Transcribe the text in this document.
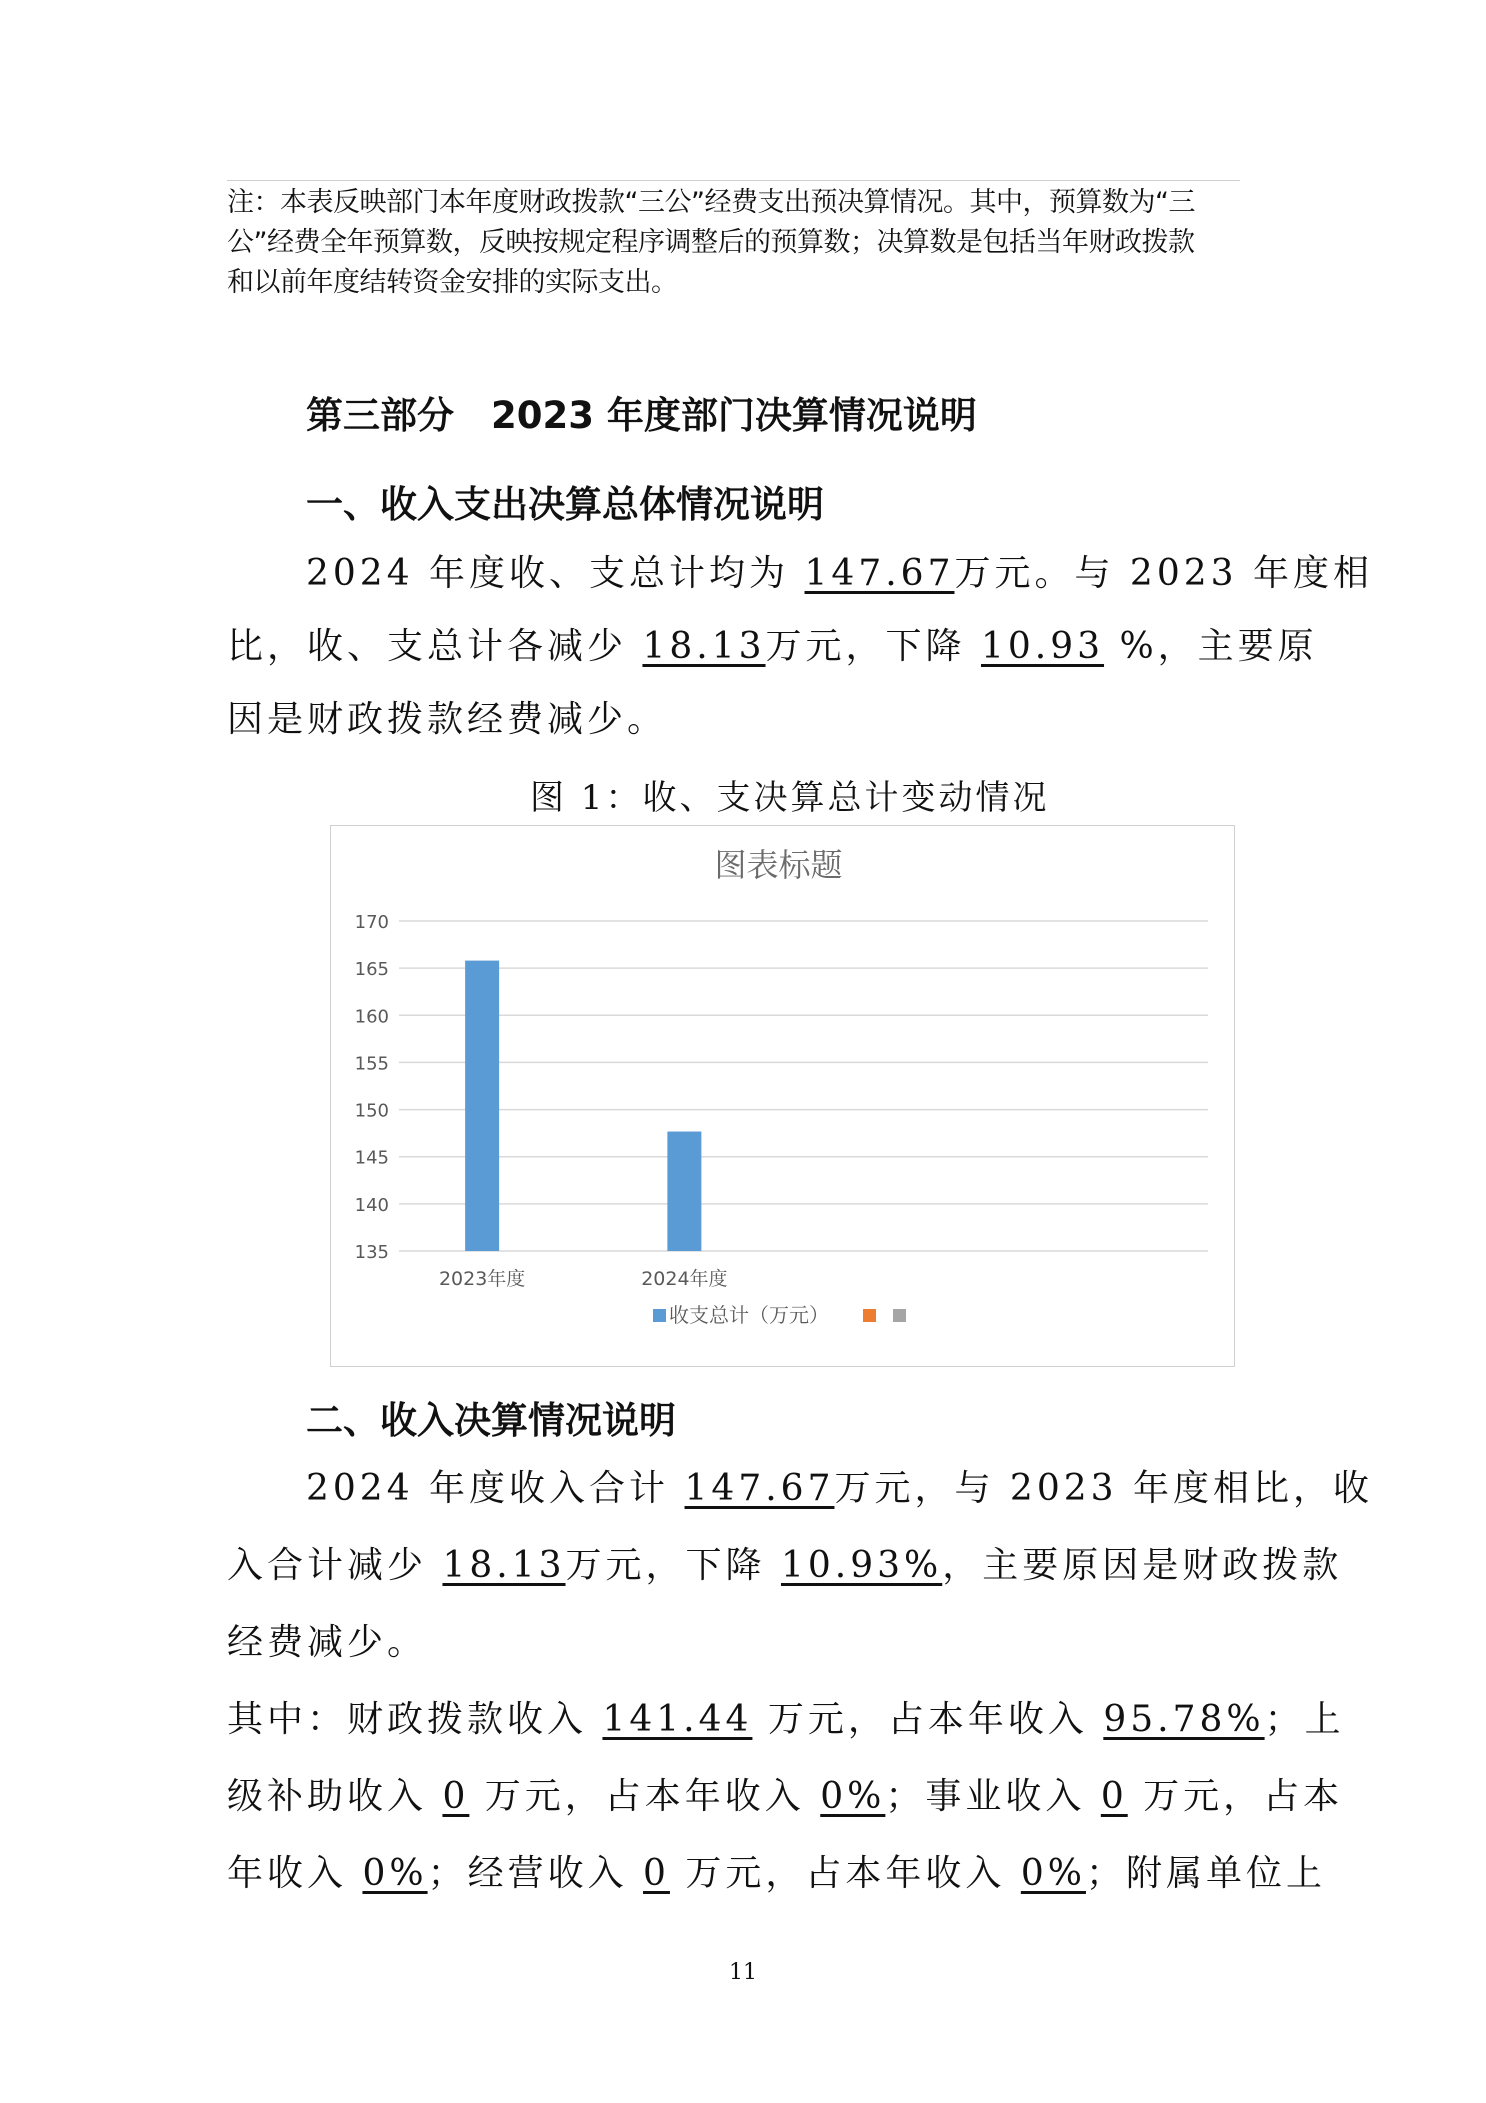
注：本表反映部门本年度财政拨款“三公”经费支出预决算情况。其中，预算数为“三
公”经费全年预算数，反映按规定程序调整后的预算数；决算数是包括当年财政拨款
和以前年度结转资金安排的实际支出。
第三部分　2023 年度部门决算情况说明
一、收入支出决算总体情况说明
2024 年度收、支总计均为 147.67万元。与 2023 年度相
比，收、支总计各减少 18.13万元，下降 10.93 %，主要原
因是财政拨款经费减少。
图 1：收、支决算总计变动情况
图表标题
170
165
160
155
150
145
140
135
2023年度	2024年度
收支总计（万元）
二、收入决算情况说明
2024 年度收入合计 147.67万元，与 2023 年度相比，收
入合计减少 18.13万元，下降 10.93%，主要原因是财政拨款
经费减少。
其中：财政拨款收入 141.44 万元，占本年收入 95.78%；上
级补助收入 0 万元，占本年收入 0%；事业收入 0 万元，占本
年收入 0%；经营收入 0 万元，占本年收入 0%；附属单位上
11
